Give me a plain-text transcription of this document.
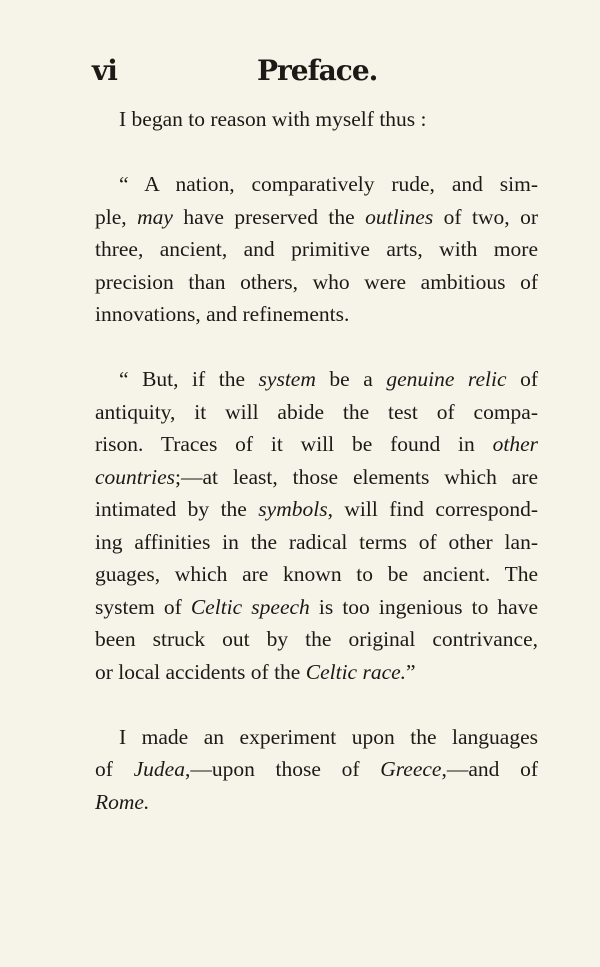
vi	Preface.
I began to reason with myself thus :
“ A nation, comparatively rude, and sim-
ple, may have preserved the outlines of two, or
three, ancient, and primitive arts, with more
precision than others, who were ambitious of
innovations, and refinements.
“ But, if the system be a genuine relic of
antiquity, it will abide the test of compa-
rison. Traces of it will be found in other
countries;—at least, those elements which are
intimated by the symbols, will find correspond-
ing affinities in the radical terms of other lan-
guages, which are known to be ancient. The
system of Celtic speech is too ingenious to have
been struck out by the original contrivance,
or local accidents of the Celtic race.”
I made an experiment upon the languages
of Judea,—upon those of Greece,—and of
Rome.
